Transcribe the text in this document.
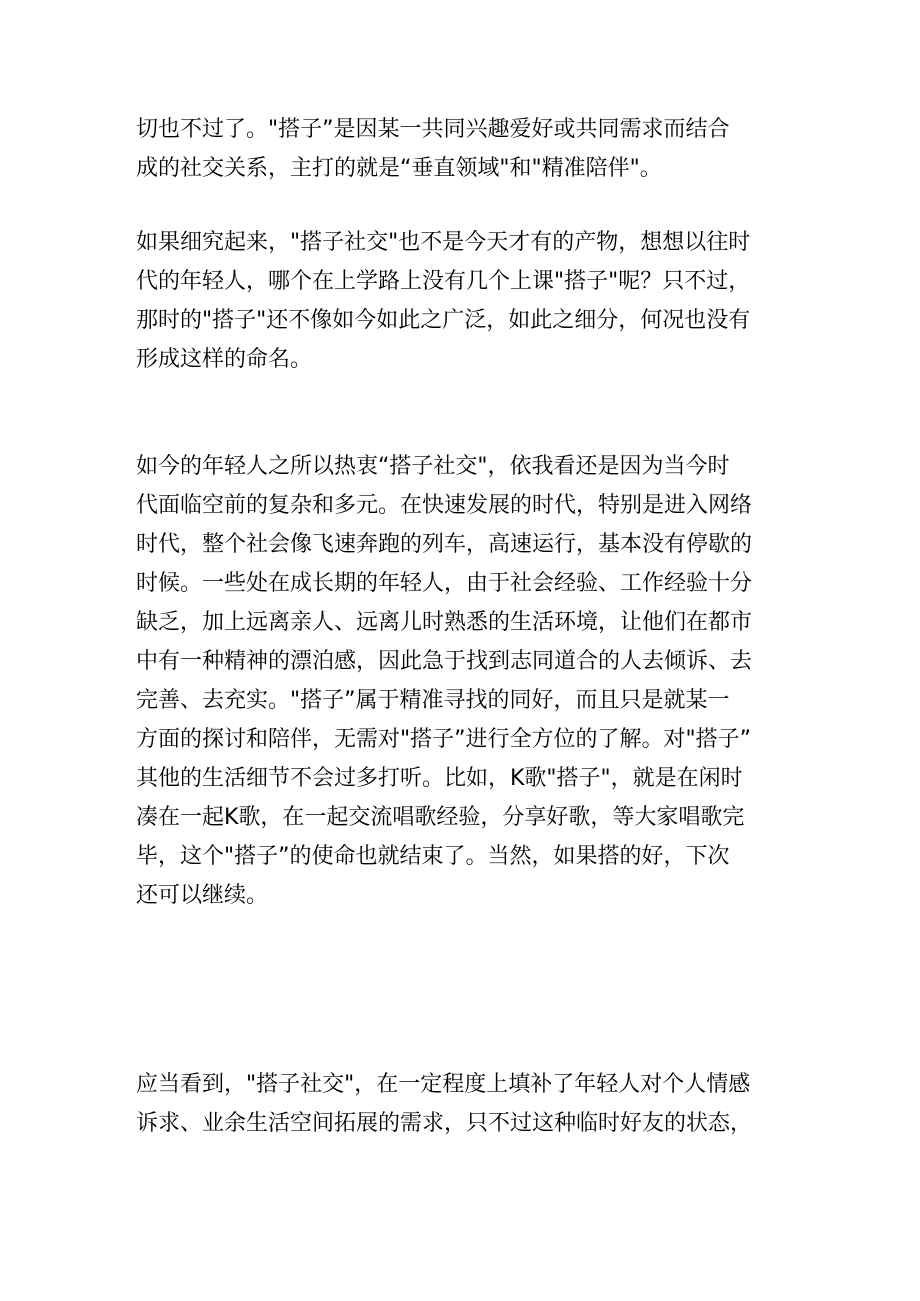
切也不过了。"搭子”是因某一共同兴趣爱好或共同需求而结合
成的社交关系，主打的就是“垂直领域"和"精准陪伴"。

如果细究起来，"搭子社交"也不是今天才有的产物，想想以往时
代的年轻人，哪个在上学路上没有几个上课"搭子"呢？只不过，
那时的"搭子"还不像如今如此之广泛，如此之细分，何况也没有
形成这样的命名。

如今的年轻人之所以热衷“搭子社交"，依我看还是因为当今时
代面临空前的复杂和多元。在快速发展的时代，特别是进入网络
时代，整个社会像飞速奔跑的列车，高速运行，基本没有停歇的
时候。一些处在成长期的年轻人，由于社会经验、工作经验十分
缺乏，加上远离亲人、远离儿时熟悉的生活环境，让他们在都市
中有一种精神的漂泊感，因此急于找到志同道合的人去倾诉、去
完善、去充实。"搭子”属于精准寻找的同好，而且只是就某一
方面的探讨和陪伴，无需对"搭子”进行全方位的了解。对"搭子”
其他的生活细节不会过多打听。比如，K歌"搭子"，就是在闲时
凑在一起K歌，在一起交流唱歌经验，分享好歌，等大家唱歌完
毕，这个"搭子”的使命也就结束了。当然，如果搭的好，下次
还可以继续。

应当看到，"搭子社交"，在一定程度上填补了年轻人对个人情感
诉求、业余生活空间拓展的需求，只不过这种临时好友的状态，
